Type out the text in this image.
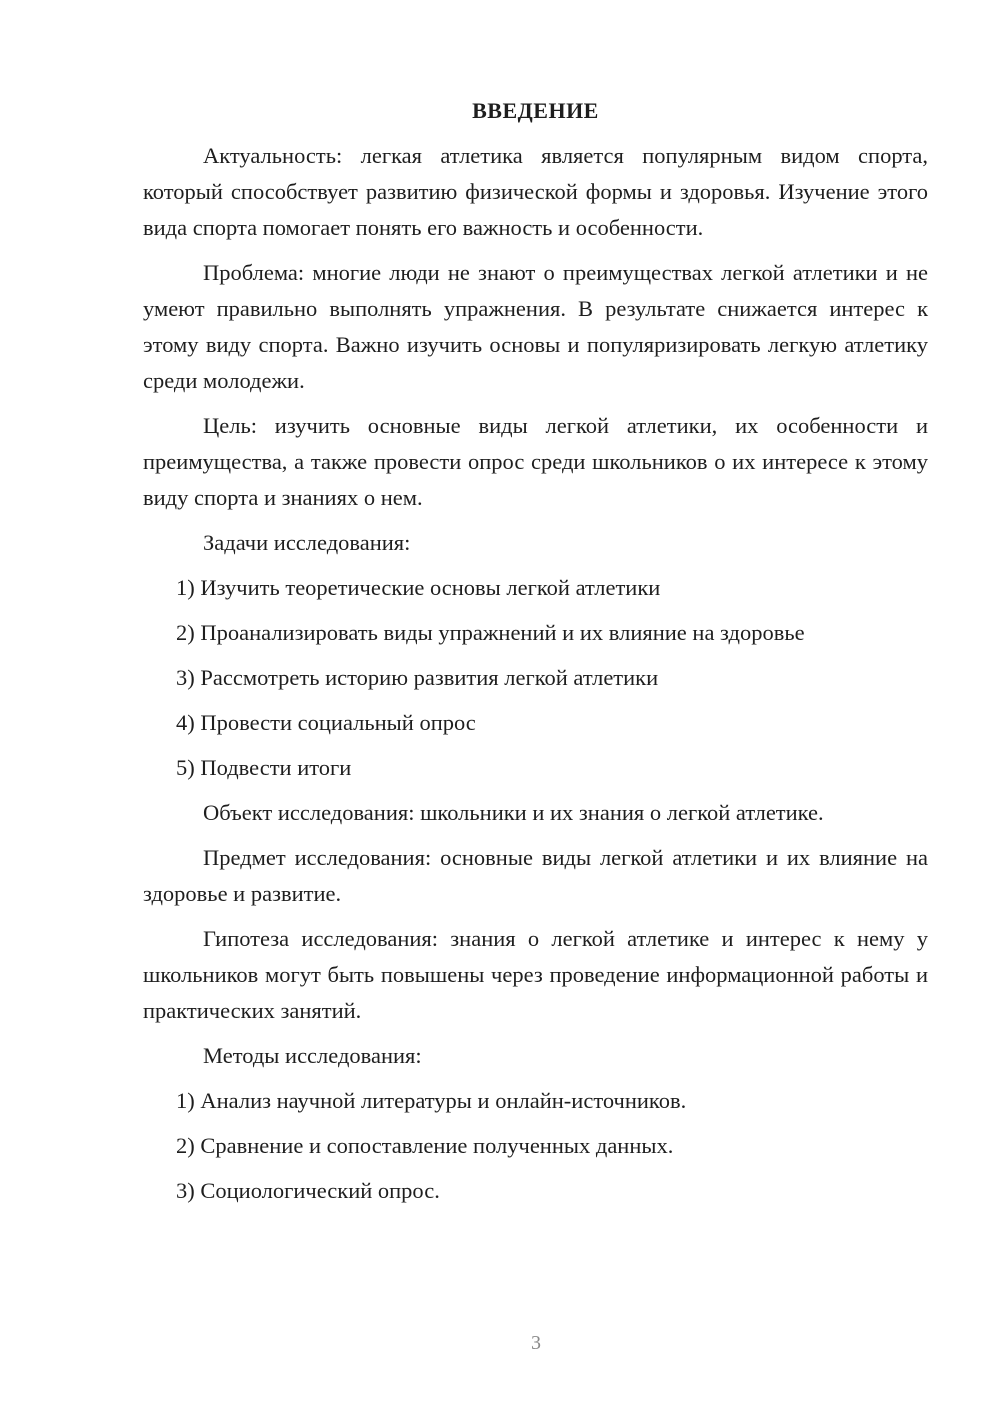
ВВЕДЕНИЕ

Актуальность: легкая атлетика является популярным видом спорта, который способствует развитию физической формы и здоровья. Изучение этого вида спорта помогает понять его важность и особенности.

Проблема: многие люди не знают о преимуществах легкой атлетики и не умеют правильно выполнять упражнения. В результате снижается интерес к этому виду спорта. Важно изучить основы и популяризировать легкую атлетику среди молодежи.

Цель: изучить основные виды легкой атлетики, их особенности и преимущества, а также провести опрос среди школьников о их интересе к этому виду спорта и знаниях о нем.

Задачи исследования:

1) Изучить теоретические основы легкой атлетики

2) Проанализировать виды упражнений и их влияние на здоровье

3) Рассмотреть историю развития легкой атлетики

4) Провести социальный опрос

5) Подвести итоги

Объект исследования: школьники и их знания о легкой атлетике.

Предмет исследования: основные виды легкой атлетики и их влияние на здоровье и развитие.

Гипотеза исследования: знания о легкой атлетике и интерес к нему у школьников могут быть повышены через проведение информационной работы и практических занятий.

Методы исследования:

1) Анализ научной литературы и онлайн-источников.

2) Сравнение и сопоставление полученных данных.

3) Социологический опрос.

3
